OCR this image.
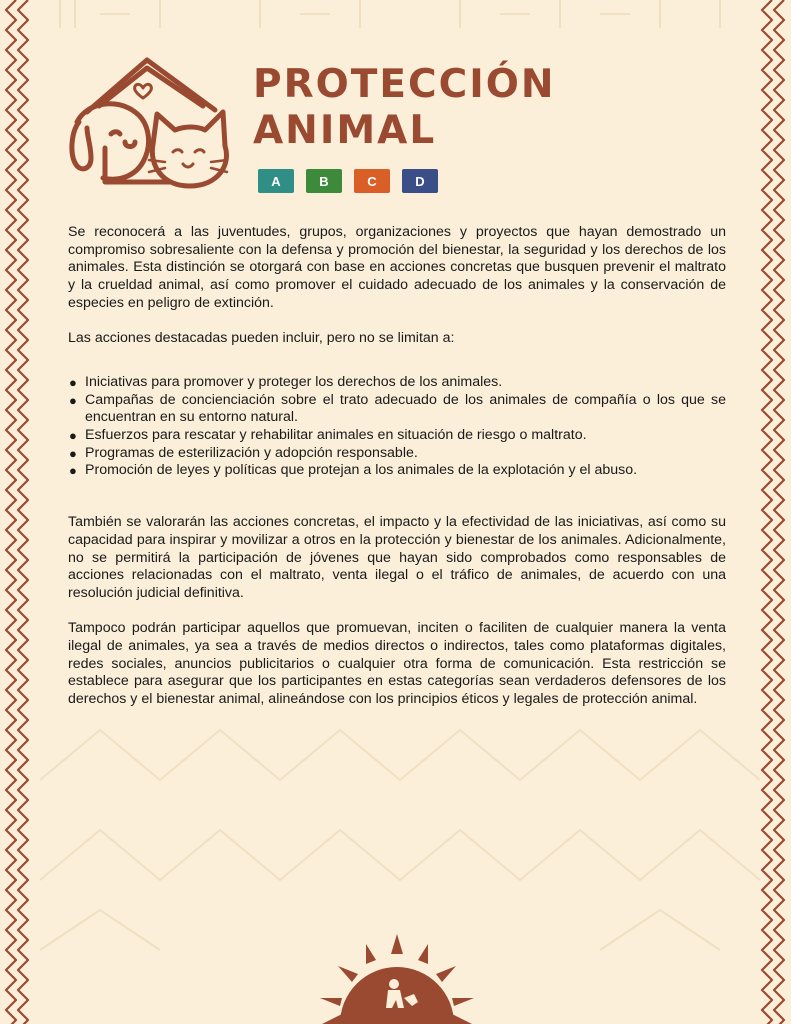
PROTECCIÓN
ANIMAL
A	B	C	D

Se reconocerá a las juventudes, grupos, organizaciones y proyectos que hayan demostrado un compromiso sobresaliente con la defensa y promoción del bienestar, la seguridad y los derechos de los animales. Esta distinción se otorgará con base en acciones concretas que busquen prevenir el maltrato y la crueldad animal, así como promover el cuidado adecuado de los animales y la conservación de especies en peligro de extinción.

Las acciones destacadas pueden incluir, pero no se limitan a:

● Iniciativas para promover y proteger los derechos de los animales.
● Campañas de concienciación sobre el trato adecuado de los animales de compañía o los que se encuentran en su entorno natural.
● Esfuerzos para rescatar y rehabilitar animales en situación de riesgo o maltrato.
● Programas de esterilización y adopción responsable.
● Promoción de leyes y políticas que protejan a los animales de la explotación y el abuso.

También se valorarán las acciones concretas, el impacto y la efectividad de las iniciativas, así como su capacidad para inspirar y movilizar a otros en la protección y bienestar de los animales. Adicionalmente, no se permitirá la participación de jóvenes que hayan sido comprobados como responsables de acciones relacionadas con el maltrato, venta ilegal o el tráfico de animales, de acuerdo con una resolución judicial definitiva.

Tampoco podrán participar aquellos que promuevan, inciten o faciliten de cualquier manera la venta ilegal de animales, ya sea a través de medios directos o indirectos, tales como plataformas digitales, redes sociales, anuncios publicitarios o cualquier otra forma de comunicación. Esta restricción se establece para asegurar que los participantes en estas categorías sean verdaderos defensores de los derechos y el bienestar animal, alineándose con los principios éticos y legales de protección animal.
